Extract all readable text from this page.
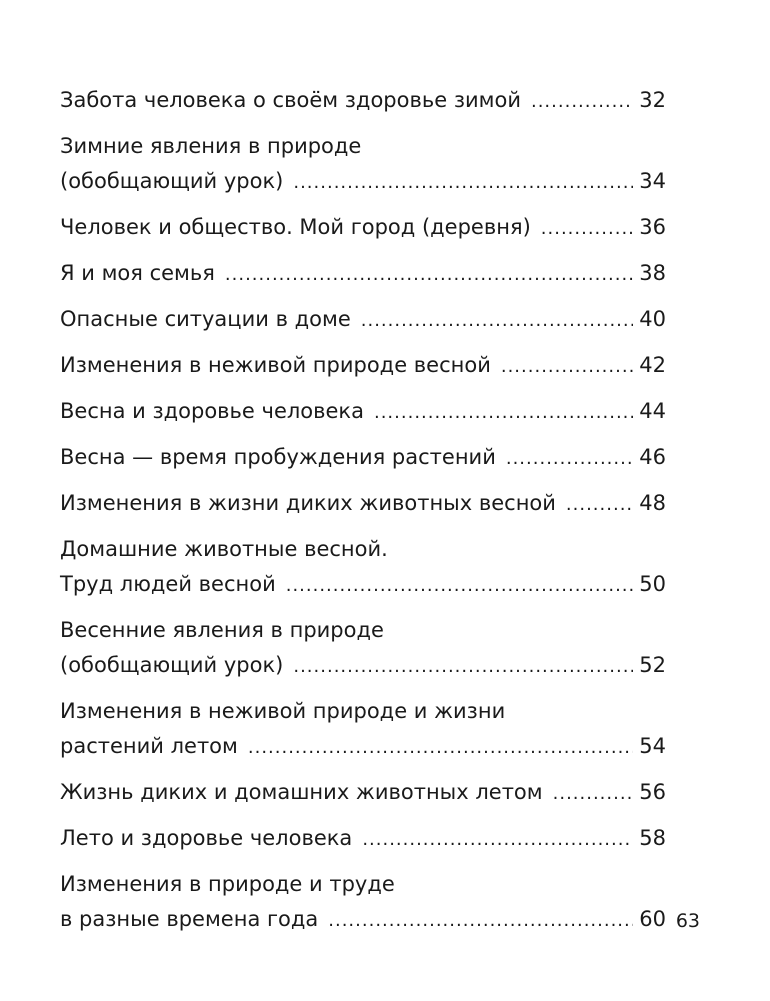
Забота человека о своём здоровье зимой .....	32
Зимние явления в природе
(обобщающий урок) .....	34
Человек и общество. Мой город (деревня) .....	36
Я и моя семья .....	38
Опасные ситуации в доме .....	40
Изменения в неживой природе весной .....	42
Весна и здоровье человека .....	44
Весна — время пробуждения растений .....	46
Изменения в жизни диких животных весной .....	48
Домашние животные весной.
Труд людей весной .....	50
Весенние явления в природе
(обобщающий урок) .....	52
Изменения в неживой природе и жизни
растений летом .....	54
Жизнь диких и домашних животных летом .....	56
Лето и здоровье человека .....	58
Изменения в природе и труде
в разные времена года .....	60 63
